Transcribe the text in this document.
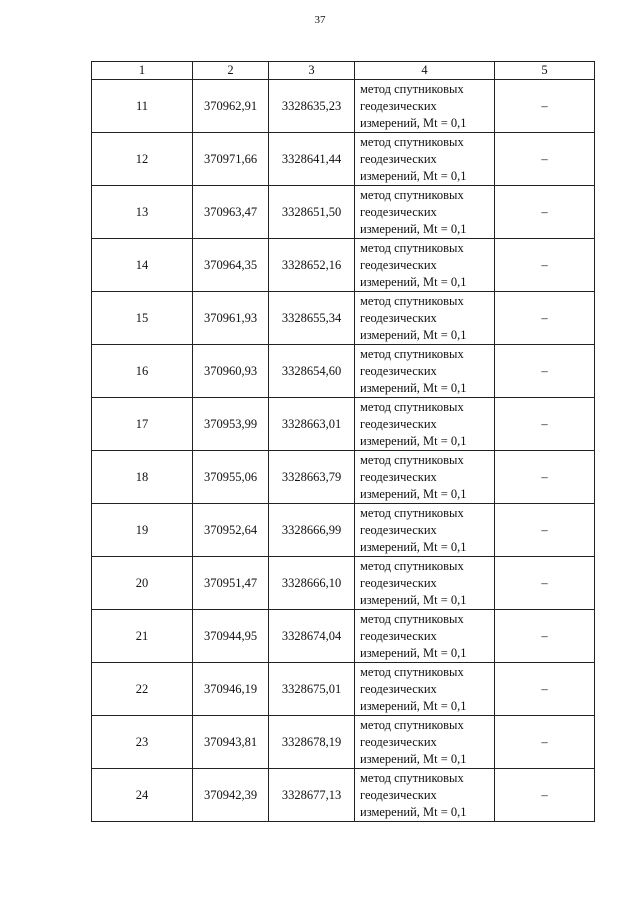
37
1	2	3	4	5
11	370962,91	3328635,23	метод спутниковых
геодезических
измерений, Mt = 0,1	–
12	370971,66	3328641,44	метод спутниковых
геодезических
измерений, Mt = 0,1	–
13	370963,47	3328651,50	метод спутниковых
геодезических
измерений, Mt = 0,1	–
14	370964,35	3328652,16	метод спутниковых
геодезических
измерений, Mt = 0,1	–
15	370961,93	3328655,34	метод спутниковых
геодезических
измерений, Mt = 0,1	–
16	370960,93	3328654,60	метод спутниковых
геодезических
измерений, Mt = 0,1	–
17	370953,99	3328663,01	метод спутниковых
геодезических
измерений, Mt = 0,1	–
18	370955,06	3328663,79	метод спутниковых
геодезических
измерений, Mt = 0,1	–
19	370952,64	3328666,99	метод спутниковых
геодезических
измерений, Mt = 0,1	–
20	370951,47	3328666,10	метод спутниковых
геодезических
измерений, Mt = 0,1	–
21	370944,95	3328674,04	метод спутниковых
геодезических
измерений, Mt = 0,1	–
22	370946,19	3328675,01	метод спутниковых
геодезических
измерений, Mt = 0,1	–
23	370943,81	3328678,19	метод спутниковых
геодезических
измерений, Mt = 0,1	–
24	370942,39	3328677,13	метод спутниковых
геодезических
измерений, Mt = 0,1	–
